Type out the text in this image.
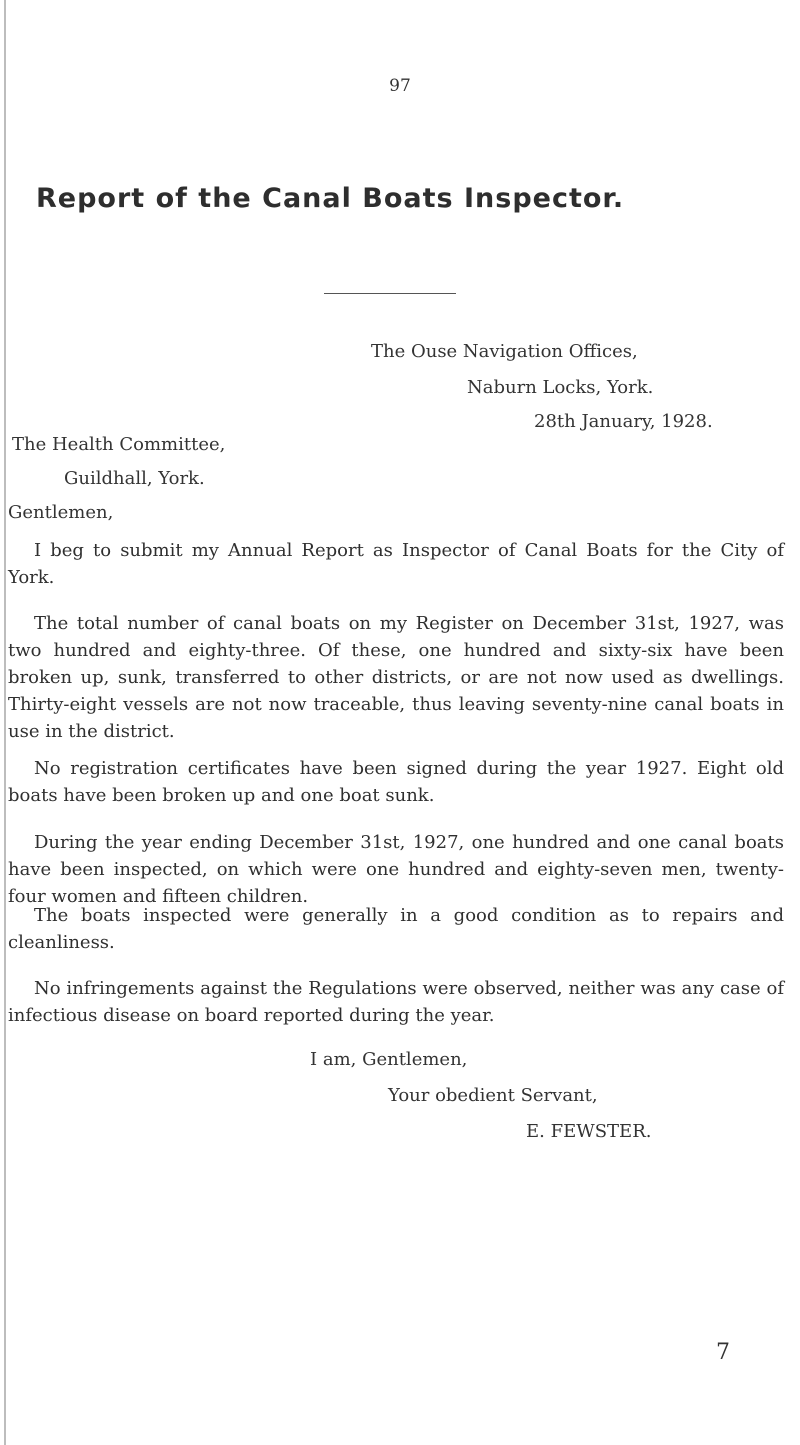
97
Report of the Canal Boats Inspector.
The Ouse Navigation Offices,
Naburn Locks, York.
28th January, 1928.
The Health Committee,
Guildhall, York.
Gentlemen,
I beg to submit my Annual Report as Inspector of Canal Boats for the City of York.
The total number of canal boats on my Register on December 31st, 1927, was two hundred and eighty-three. Of these, one hundred and sixty-six have been broken up, sunk, transferred to other districts, or are not now used as dwellings. Thirty-eight vessels are not now traceable, thus leaving seventy-nine canal boats in use in the district.
No registration certificates have been signed during the year 1927. Eight old boats have been broken up and one boat sunk.
During the year ending December 31st, 1927, one hundred and one canal boats have been inspected, on which were one hundred and eighty-seven men, twenty-four women and fifteen children.
The boats inspected were generally in a good condition as to repairs and cleanliness.
No infringements against the Regulations were observed, neither was any case of infectious disease on board reported during the year.
I am, Gentlemen,
Your obedient Servant,
E. FEWSTER.
7
